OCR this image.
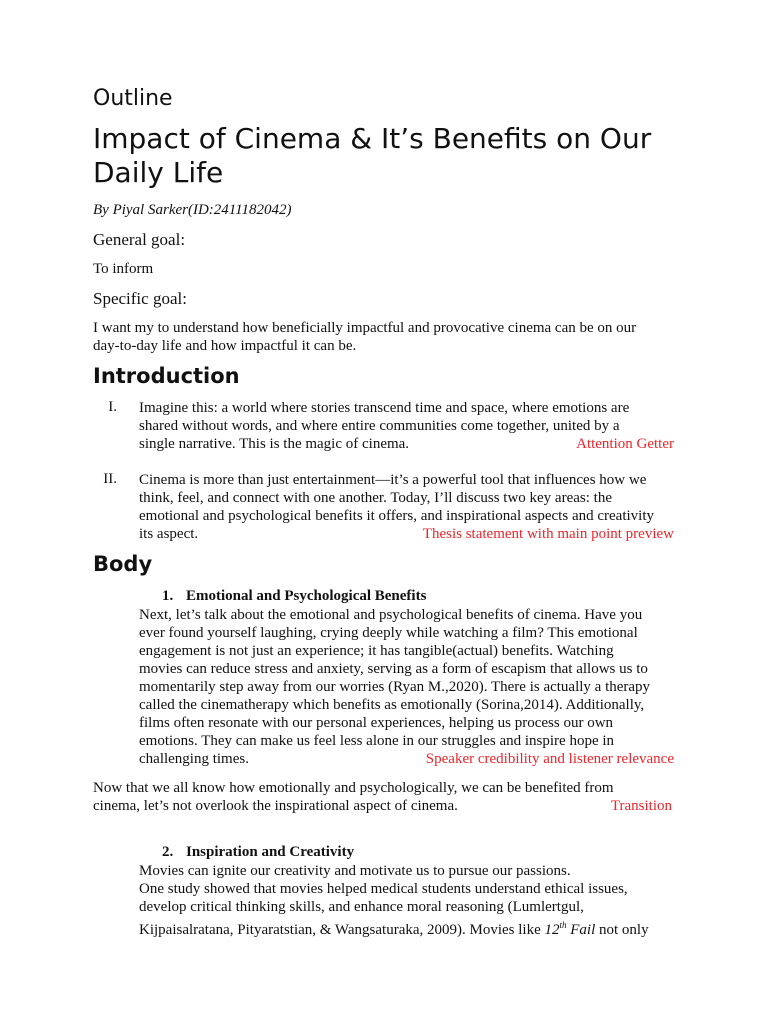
Outline
Impact of Cinema & It’s Benefits on Our
Daily Life
By Piyal Sarker(ID:2411182042)
General goal:
To inform
Specific goal:
I want my to understand how beneficially impactful and provocative cinema can be on our
day-to-day life and how impactful it can be.
Introduction
I. Imagine this: a world where stories transcend time and space, where emotions are
shared without words, and where entire communities come together, united by a
single narrative. This is the magic of cinema.	Attention Getter
II. Cinema is more than just entertainment—it’s a powerful tool that influences how we
think, feel, and connect with one another. Today, I’ll discuss two key areas: the
emotional and psychological benefits it offers, and inspirational aspects and creativity
its aspect.	Thesis statement with main point preview
Body
1. Emotional and Psychological Benefits
Next, let’s talk about the emotional and psychological benefits of cinema. Have you
ever found yourself laughing, crying deeply while watching a film? This emotional
engagement is not just an experience; it has tangible(actual) benefits. Watching
movies can reduce stress and anxiety, serving as a form of escapism that allows us to
momentarily step away from our worries (Ryan M.,2020). There is actually a therapy
called the cinematherapy which benefits as emotionally (Sorina,2014). Additionally,
films often resonate with our personal experiences, helping us process our own
emotions. They can make us feel less alone in our struggles and inspire hope in
challenging times.	Speaker credibility and listener relevance
Now that we all know how emotionally and psychologically, we can be benefited from
cinema, let’s not overlook the inspirational aspect of cinema.	Transition
2. Inspiration and Creativity
Movies can ignite our creativity and motivate us to pursue our passions.
One study showed that movies helped medical students understand ethical issues,
develop critical thinking skills, and enhance moral reasoning (Lumlertgul,
Kijpaisalratana, Pityaratstian, & Wangsaturaka, 2009). Movies like 12th Fail not only
